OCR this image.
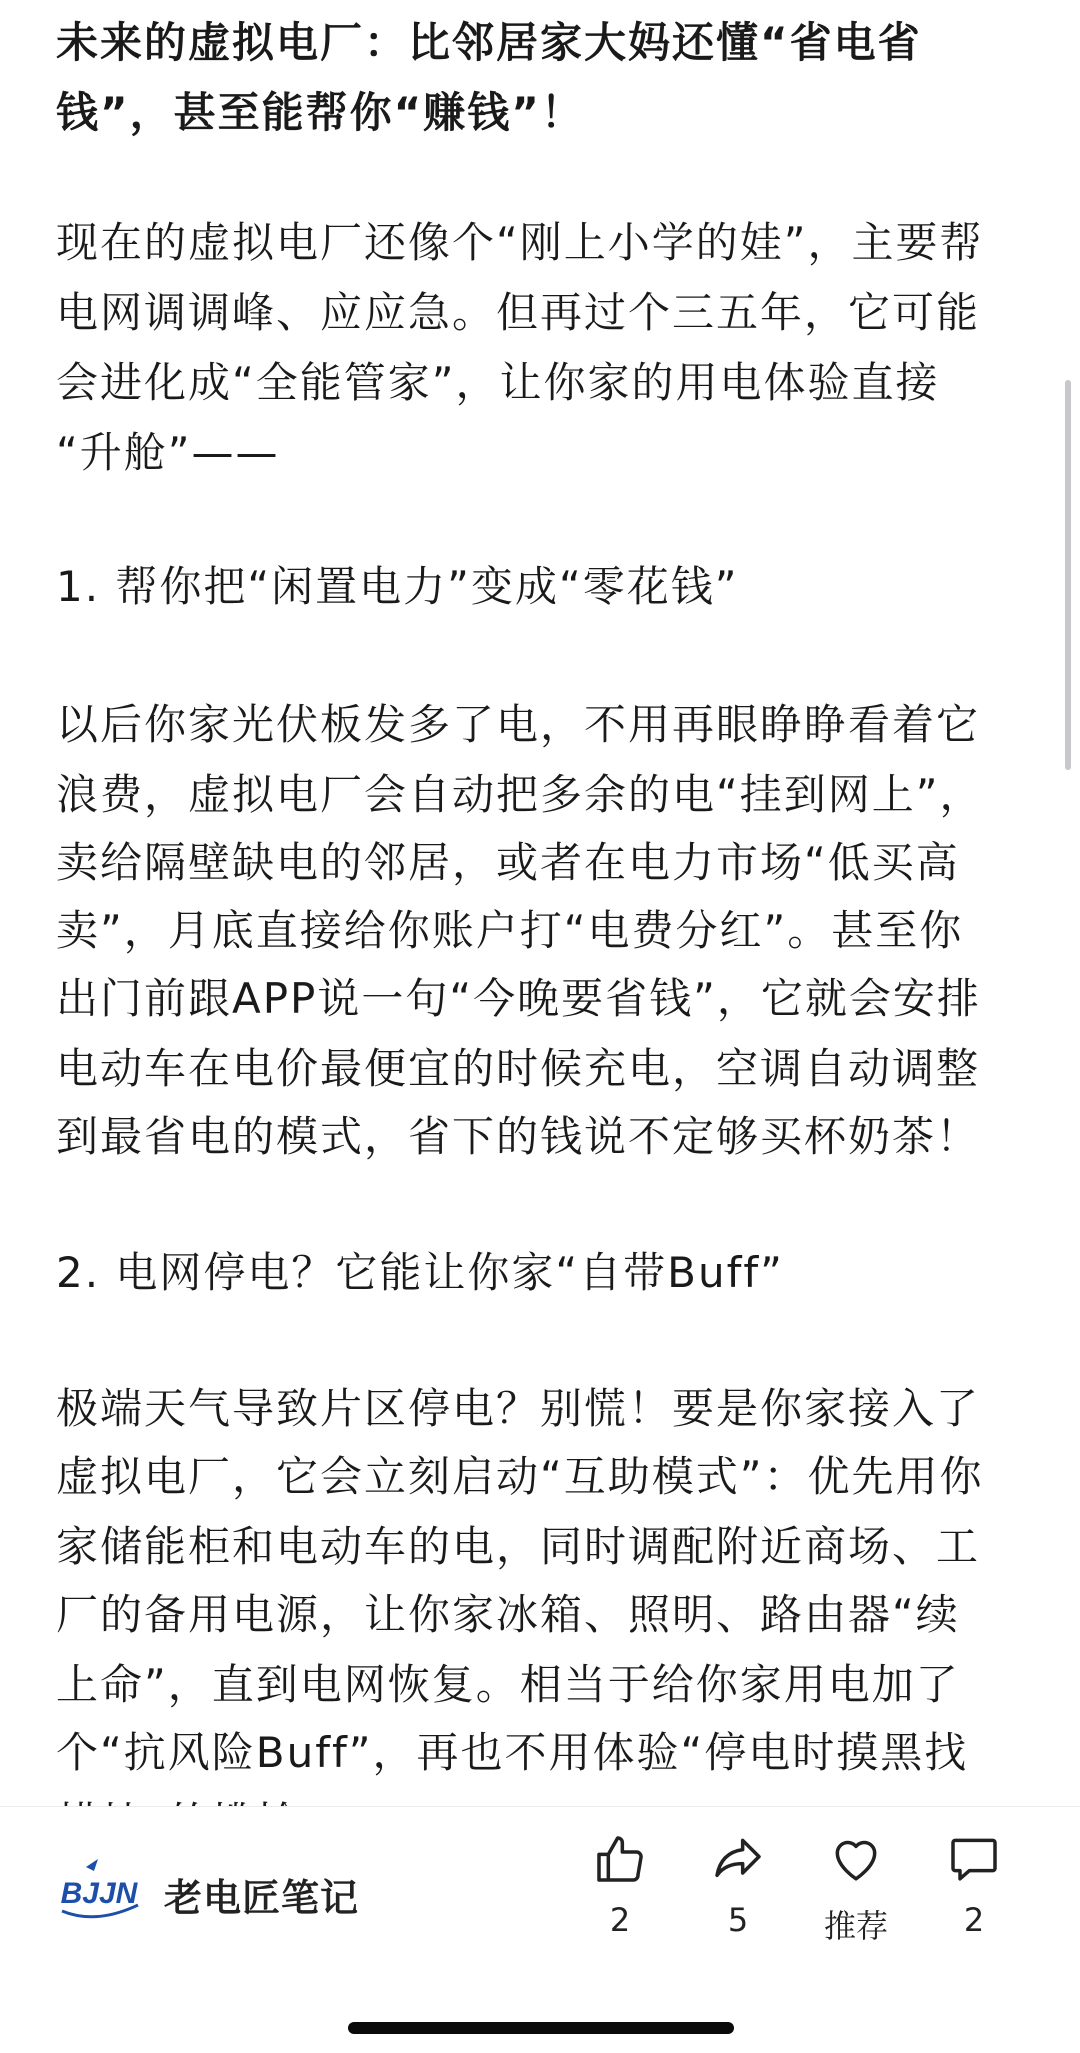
未来的虚拟电厂：比邻居家大妈还懂“省电省
钱”，甚至能帮你“赚钱”！

现在的虚拟电厂还像个“刚上小学的娃”，主要帮

电网调调峰、应应急。但再过个三五年，它可能

会进化成“全能管家”，让你家的用电体验直接

“升舱”——

1. 帮你把“闲置电力”变成“零花钱”

以后你家光伏板发多了电，不用再眼睁睁看着它

浪费，虚拟电厂会自动把多余的电“挂到网上”，

卖给隔壁缺电的邻居，或者在电力市场“低买高

卖”，月底直接给你账户打“电费分红”。甚至你

出门前跟APP说一句“今晚要省钱”，它就会安排

电动车在电价最便宜的时候充电，空调自动调整

到最省电的模式，省下的钱说不定够买杯奶茶！

2. 电网停电？它能让你家“自带Buff”

极端天气导致片区停电？别慌！要是你家接入了

虚拟电厂，它会立刻启动“互助模式”：优先用你

家储能柜和电动车的电，同时调配附近商场、工

厂的备用电源，让你家冰箱、照明、路由器“续

上命”，直到电网恢复。相当于给你家用电加了

个“抗风险Buff”，再也不用体验“停电时摸黑找

BJJN 老电匠笔记	2	5	推荐	2
